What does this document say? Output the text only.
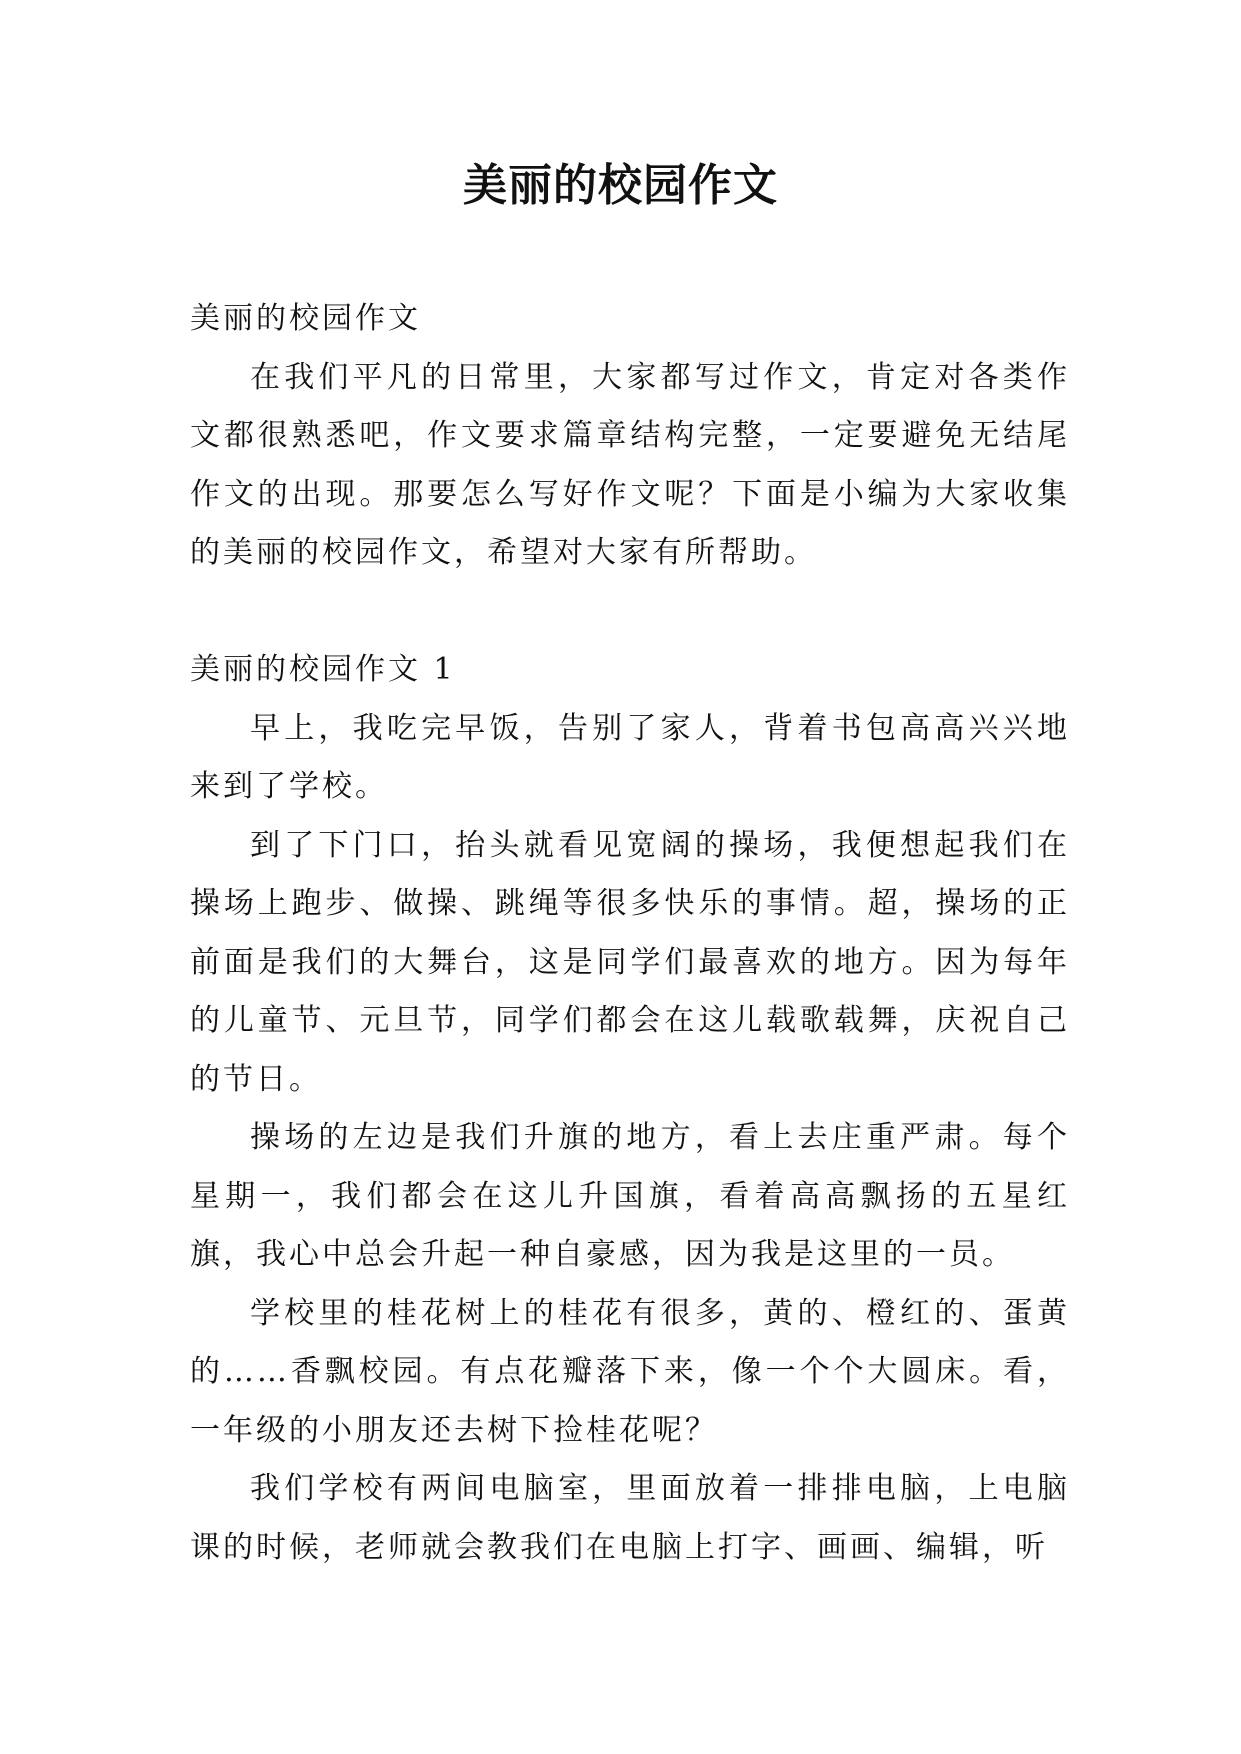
美丽的校园作文

美丽的校园作文

在我们平凡的日常里，大家都写过作文，肯定对各类作文都很熟悉吧，作文要求篇章结构完整，一定要避免无结尾作文的出现。那要怎么写好作文呢？下面是小编为大家收集的美丽的校园作文，希望对大家有所帮助。

美丽的校园作文 1

早上，我吃完早饭，告别了家人，背着书包高高兴兴地来到了学校。

到了下门口，抬头就看见宽阔的操场，我便想起我们在操场上跑步、做操、跳绳等很多快乐的事情。超，操场的正前面是我们的大舞台，这是同学们最喜欢的地方。因为每年的儿童节、元旦节，同学们都会在这儿载歌载舞，庆祝自己的节日。

操场的左边是我们升旗的地方，看上去庄重严肃。每个星期一，我们都会在这儿升国旗，看着高高飘扬的五星红旗，我心中总会升起一种自豪感，因为我是这里的一员。

学校里的桂花树上的桂花有很多，黄的、橙红的、蛋黄的……香飘校园。有点花瓣落下来，像一个个大圆床。看，一年级的小朋友还去树下捡桂花呢？

我们学校有两间电脑室，里面放着一排排电脑，上电脑课的时候，老师就会教我们在电脑上打字、画画、编辑，听
